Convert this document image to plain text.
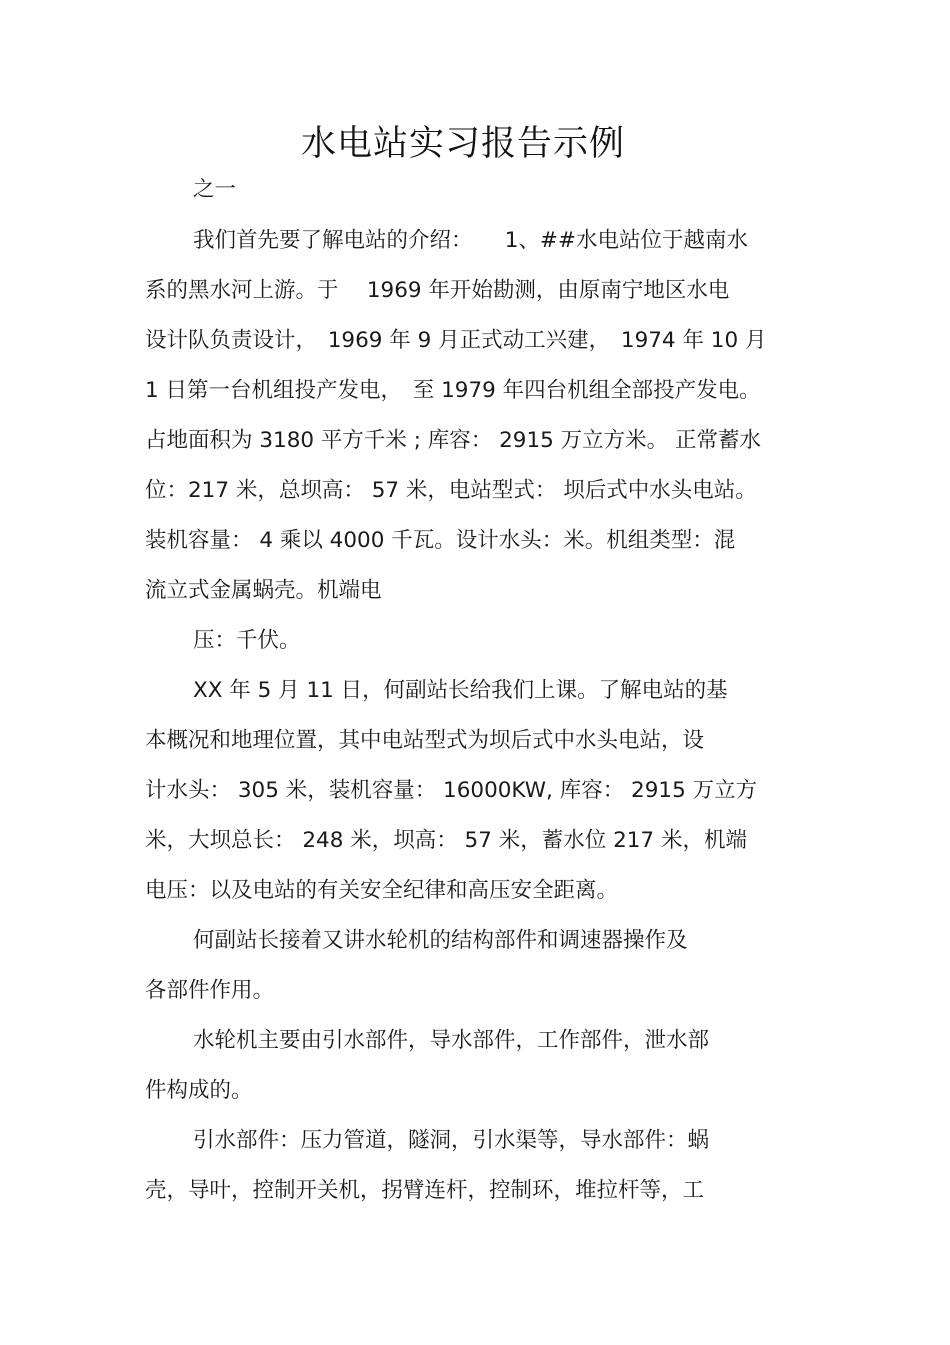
水电站实习报告示例
之一
我们首先要了解电站的介绍：　　1、##水电站位于越南水
系的黑水河上游。于　 1969 年开始勘测，由原南宁地区水电
设计队负责设计，　1969 年 9 月正式动工兴建，　1974 年 10 月
1 日第一台机组投产发电，　至 1979 年四台机组全部投产发电。
占地面积为 3180 平方千米 ; 库容： 2915 万立方米。 正常蓄水
位：217 米，总坝高： 57 米，电站型式： 坝后式中水头电站。
装机容量： 4 乘以 4000 千瓦。设计水头：米。机组类型：混
流立式金属蜗壳。机端电
压：千伏。
XX 年 5 月 11 日，何副站长给我们上课。了解电站的基
本概况和地理位置，其中电站型式为坝后式中水头电站，设
计水头： 305 米，装机容量： 16000KW, 库容： 2915 万立方
米，大坝总长： 248 米，坝高： 57 米，蓄水位 217 米，机端
电压：以及电站的有关安全纪律和高压安全距离。
何副站长接着又讲水轮机的结构部件和调速器操作及
各部件作用。
水轮机主要由引水部件，导水部件，工作部件，泄水部
件构成的。
引水部件：压力管道，隧洞，引水渠等，导水部件：蜗
壳，导叶，控制开关机，拐臂连杆，控制环，堆拉杆等，工
